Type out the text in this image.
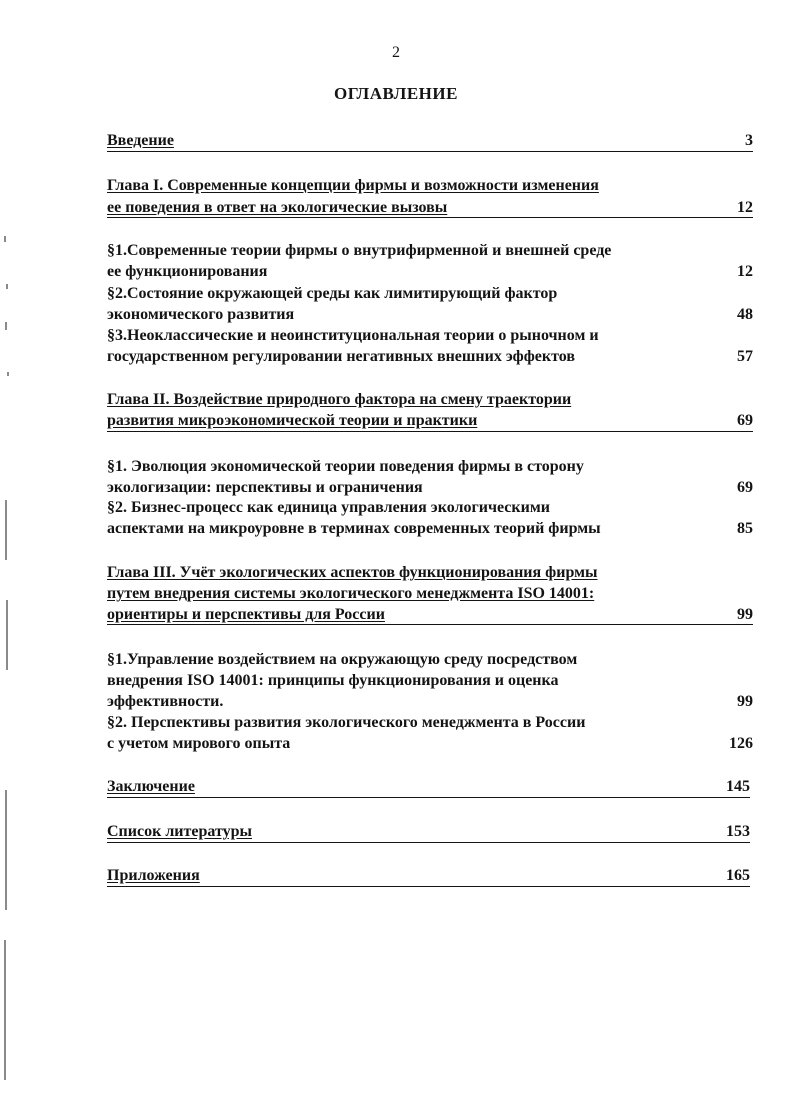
2
ОГЛАВЛЕНИЕ
Введение	3
Глава I. Современные концепции фирмы и возможности изменения
ее поведения в ответ на экологические вызовы	12
§1.Современные теории фирмы о внутрифирменной и внешней среде
ее функционирования	12
§2.Состояние окружающей среды как лимитирующий фактор
экономического развития	48
§3.Неоклассические и неоинституциональная теории о рыночном и
государственном регулировании негативных внешних эффектов	57
Глава II. Воздействие природного фактора на смену траектории
развития микроэкономической теории и практики	69
§1. Эволюция экономической теории поведения фирмы в сторону
экологизации: перспективы и ограничения	69
§2. Бизнес-процесс как единица управления экологическими
аспектами на микроуровне в терминах современных теорий фирмы	85
Глава III. Учёт экологических аспектов функционирования фирмы
путем внедрения системы экологического менеджмента ISO 14001:
ориентиры и перспективы для России	99
§1.Управление воздействием на окружающую среду посредством
внедрения ISO 14001: принципы функционирования и оценка
эффективности.	99
§2. Перспективы развития экологического менеджмента в России
с учетом мирового опыта	126
Заключение	145
Список литературы	153
Приложения	165
